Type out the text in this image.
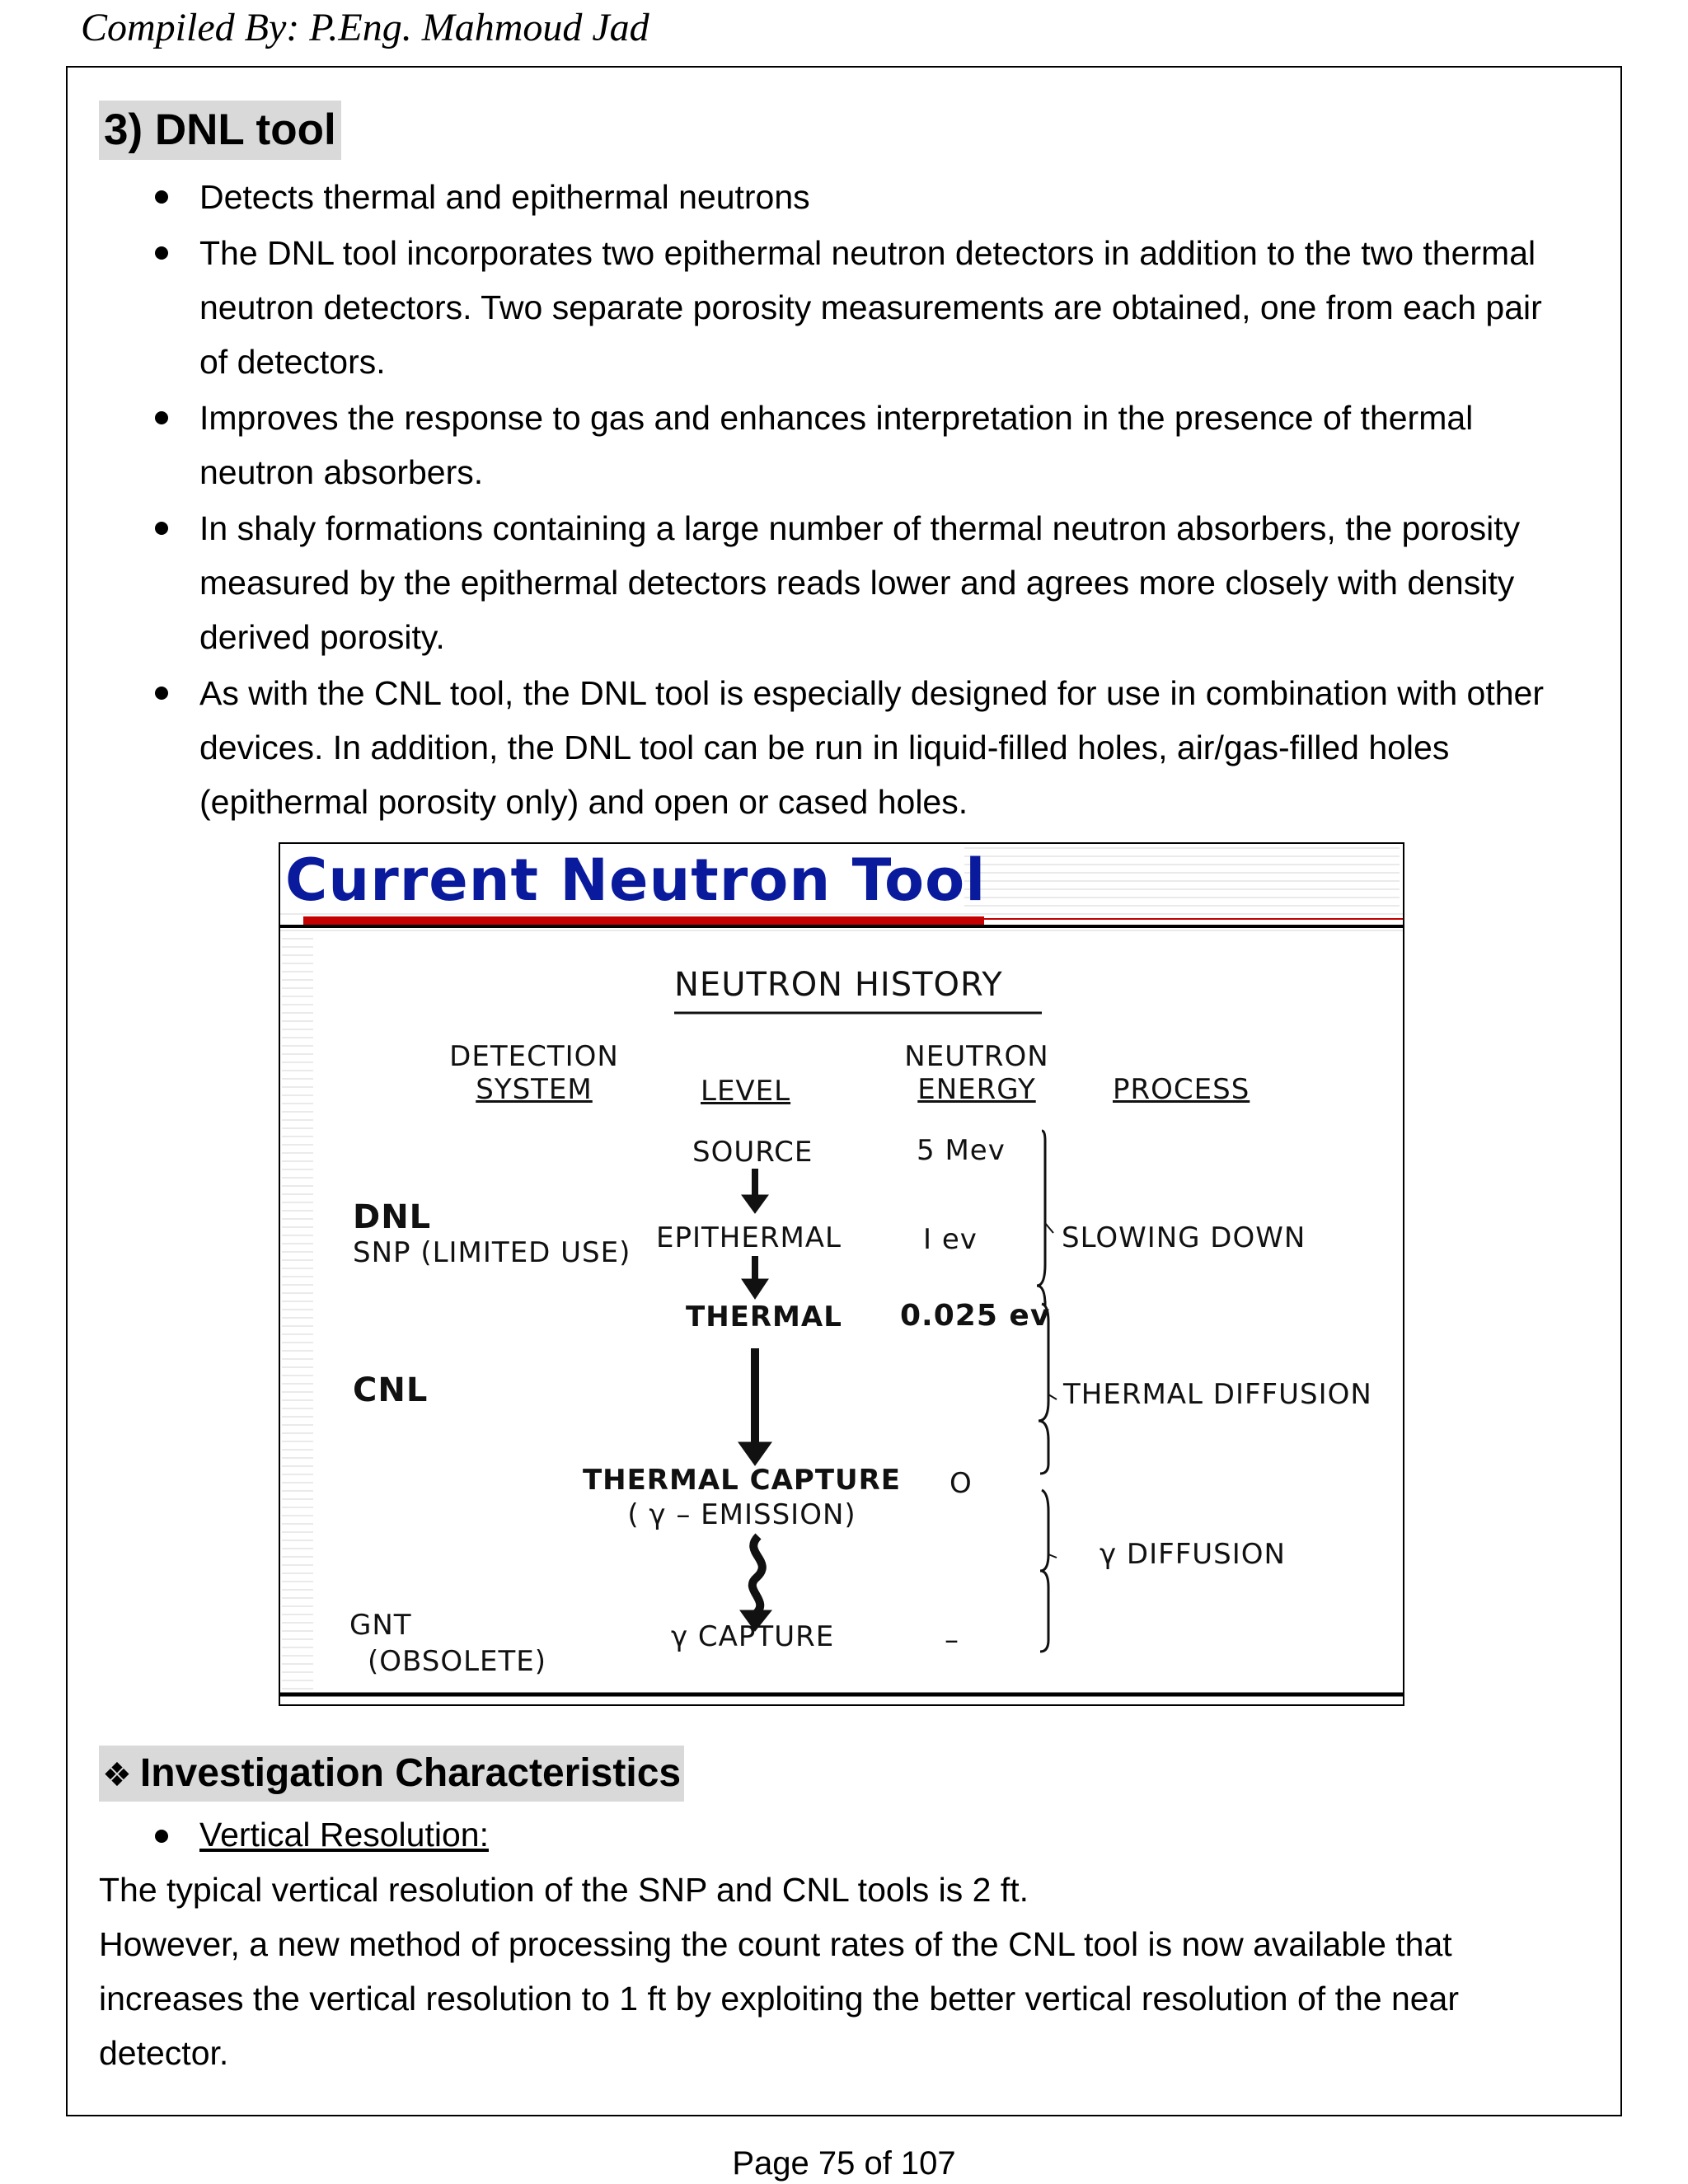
Compiled By: P.Eng. Mahmoud Jad
3) DNL tool
Detects thermal and epithermal neutrons
The DNL tool incorporates two epithermal neutron detectors in addition to the two thermal neutron detectors. Two separate porosity measurements are obtained, one from each pair of detectors.
Improves the response to gas and enhances interpretation in the presence of thermal neutron absorbers.
In shaly formations containing a large number of thermal neutron absorbers, the porosity measured by the epithermal detectors reads lower and agrees more closely with density derived porosity.
As with the CNL tool, the DNL tool is especially designed for use in combination with other devices. In addition, the DNL tool can be run in liquid-filled holes, air/gas-filled holes (epithermal porosity only) and open or cased holes.
Current Neutron Tool
NEUTRON HISTORY
DETECTION
SYSTEM	LEVEL
NEUTRON
ENERGY	PROCESS
SOURCE
EPITHERMAL
THERMAL
THERMAL CAPTURE
( γ – EMISSION)
γ CAPTURE
5 Mev
I ev
0.025 ev
O
–
SLOWING DOWN
THERMAL DIFFUSION
γ DIFFUSION
DNL
SNP (LIMITED USE)
CNL
GNT
(OBSOLETE)
❖ Investigation Characteristics
Vertical Resolution:
The typical vertical resolution of the SNP and CNL tools is 2 ft.
However, a new method of processing the count rates of the CNL tool is now available that increases the vertical resolution to 1 ft by exploiting the better vertical resolution of the near detector.
Page 75 of 107
